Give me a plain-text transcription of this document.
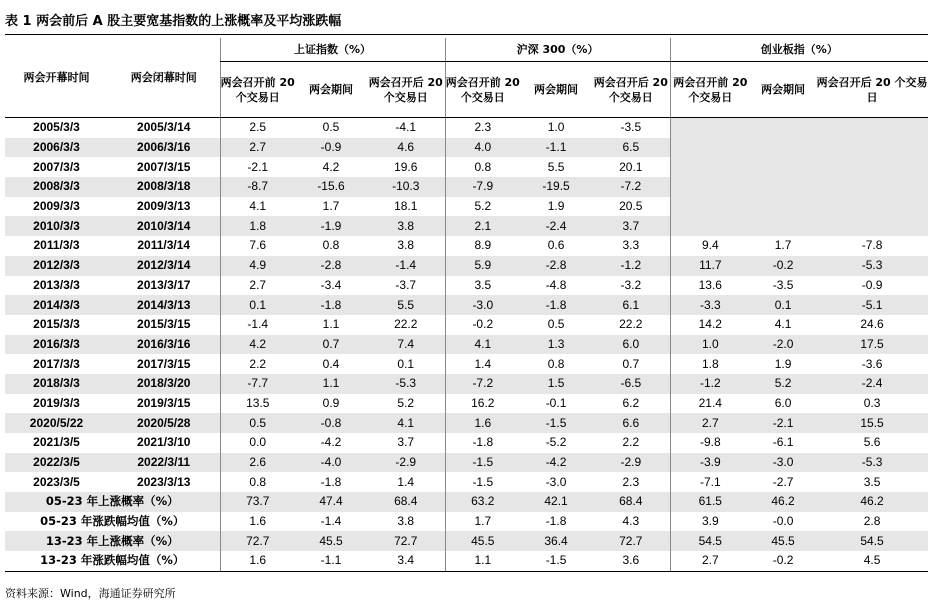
表 1 两会前后 A 股主要宽基指数的上涨概率及平均涨跌幅
两会开幕时间	两会闭幕时间	上证指数（%）			沪深 300（%）			创业板指（%）		
		两会召开前 20 个交易日	两会期间	两会召开后 20 个交易日	两会召开前 20 个交易日	两会期间	两会召开后 20 个交易日	两会召开前 20 个交易日	两会期间	两会召开后 20 个交易日
2005/3/3	2005/3/14	2.5	0.5	-4.1	2.3	1.0	-3.5			
2006/3/3	2006/3/16	2.7	-0.9	4.6	4.0	-1.1	6.5			
2007/3/3	2007/3/15	-2.1	4.2	19.6	0.8	5.5	20.1			
2008/3/3	2008/3/18	-8.7	-15.6	-10.3	-7.9	-19.5	-7.2			
2009/3/3	2009/3/13	4.1	1.7	18.1	5.2	1.9	20.5			
2010/3/3	2010/3/14	1.8	-1.9	3.8	2.1	-2.4	3.7			
2011/3/3	2011/3/14	7.6	0.8	3.8	8.9	0.6	3.3	9.4	1.7	-7.8
2012/3/3	2012/3/14	4.9	-2.8	-1.4	5.9	-2.8	-1.2	11.7	-0.2	-5.3
2013/3/3	2013/3/17	2.7	-3.4	-3.7	3.5	-4.8	-3.2	13.6	-3.5	-0.9
2014/3/3	2014/3/13	0.1	-1.8	5.5	-3.0	-1.8	6.1	-3.3	0.1	-5.1
2015/3/3	2015/3/15	-1.4	1.1	22.2	-0.2	0.5	22.2	14.2	4.1	24.6
2016/3/3	2016/3/16	4.2	0.7	7.4	4.1	1.3	6.0	1.0	-2.0	17.5
2017/3/3	2017/3/15	2.2	0.4	0.1	1.4	0.8	0.7	1.8	1.9	-3.6
2018/3/3	2018/3/20	-7.7	1.1	-5.3	-7.2	1.5	-6.5	-1.2	5.2	-2.4
2019/3/3	2019/3/15	13.5	0.9	5.2	16.2	-0.1	6.2	21.4	6.0	0.3
2020/5/22	2020/5/28	0.5	-0.8	4.1	1.6	-1.5	6.6	2.7	-2.1	15.5
2021/3/5	2021/3/10	0.0	-4.2	3.7	-1.8	-5.2	2.2	-9.8	-6.1	5.6
2022/3/5	2022/3/11	2.6	-4.0	-2.9	-1.5	-4.2	-2.9	-3.9	-3.0	-5.3
2023/3/5	2023/3/13	0.8	-1.8	1.4	-1.5	-3.0	2.3	-7.1	-2.7	3.5
05-23 年上涨概率（%）		73.7	47.4	68.4	63.2	42.1	68.4	61.5	46.2	46.2
05-23 年涨跌幅均值（%）		1.6	-1.4	3.8	1.7	-1.8	4.3	3.9	-0.0	2.8
13-23 年上涨概率（%）		72.7	45.5	72.7	45.5	36.4	72.7	54.5	45.5	54.5
13-23 年涨跌幅均值（%）		1.6	-1.1	3.4	1.1	-1.5	3.6	2.7	-0.2	4.5
资料来源：Wind，海通证券研究所
